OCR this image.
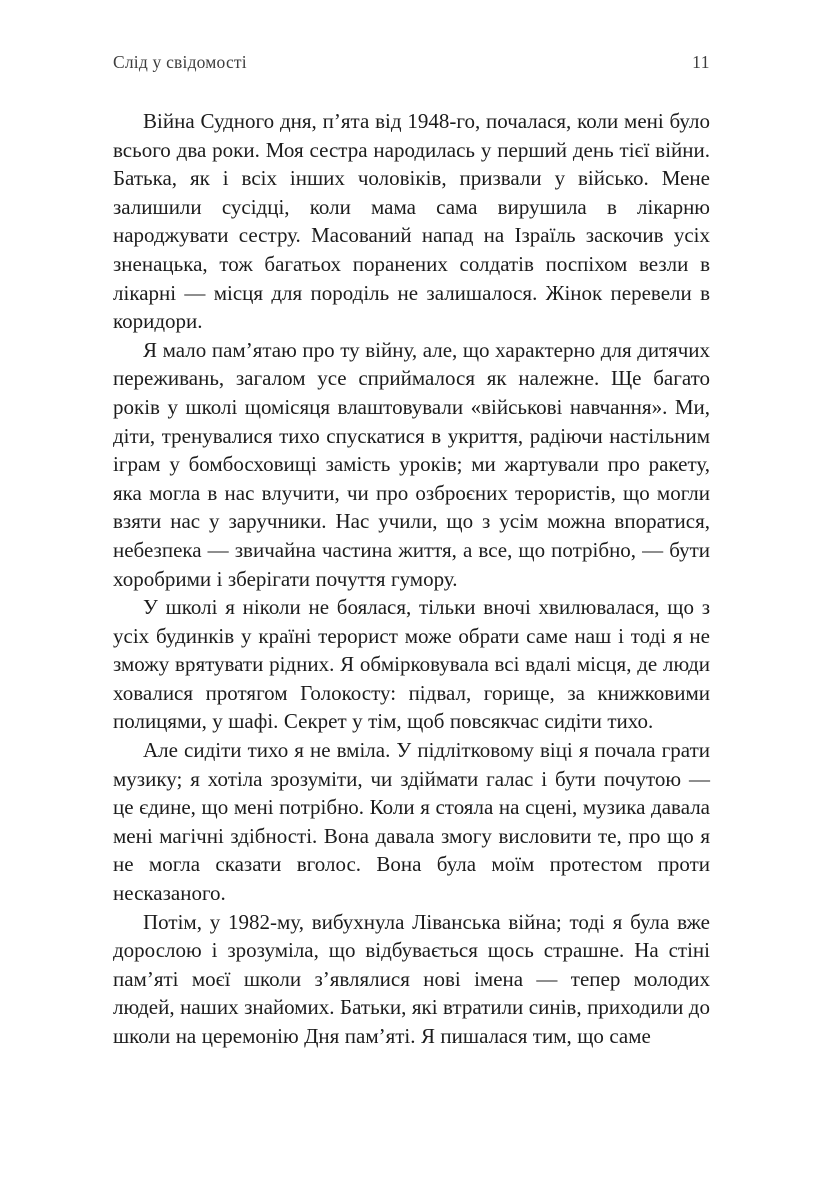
Слід у свідомості	11

Війна Судного дня, п’ята від 1948-го, почалася, коли мені було всього два роки. Моя сестра народилась у перший день тієї війни. Батька, як і всіх інших чоловіків, призвали у військо. Мене залишили сусідці, коли мама сама вирушила в лікарню народжувати сестру. Масований напад на Ізраїль заскочив усіх зненацька, тож багатьох поранених солдатів поспіхом везли в лікарні — місця для породіль не залишалося. Жінок перевели в коридори.

Я мало пам’ятаю про ту війну, але, що характерно для дитячих переживань, загалом усе сприймалося як належне. Ще багато років у школі щомісяця влаштовували «військові навчання». Ми, діти, тренувалися тихо спускатися в укриття, радіючи настільним іграм у бомбосховищі замість уроків; ми жартували про ракету, яка могла в нас влучити, чи про озброєних терористів, що могли взяти нас у заручники. Нас учили, що з усім можна впоратися, небезпека — звичайна частина життя, а все, що потрібно, — бути хоробрими і зберігати почуття гумору.

У школі я ніколи не боялася, тільки вночі хвилювалася, що з усіх будинків у країні терорист може обрати саме наш і тоді я не зможу врятувати рідних. Я обмірковувала всі вдалі місця, де люди ховалися протягом Голокосту: підвал, горище, за книжковими полицями, у шафі. Секрет у тім, щоб повсякчас сидіти тихо.

Але сидіти тихо я не вміла. У підлітковому віці я почала грати музику; я хотіла зрозуміти, чи здіймати галас і бути почутою — це єдине, що мені потрібно. Коли я стояла на сцені, музика давала мені магічні здібності. Вона давала змогу висловити те, про що я не могла сказати вголос. Вона була моїм протестом проти несказаного.

Потім, у 1982-му, вибухнула Ліванська війна; тоді я була вже дорослою і зрозуміла, що відбувається щось страшне. На стіні пам’яті моєї школи з’являлися нові імена — тепер молодих людей, наших знайомих. Батьки, які втратили синів, приходили до школи на церемонію Дня пам’яті. Я пишалася тим, що саме
